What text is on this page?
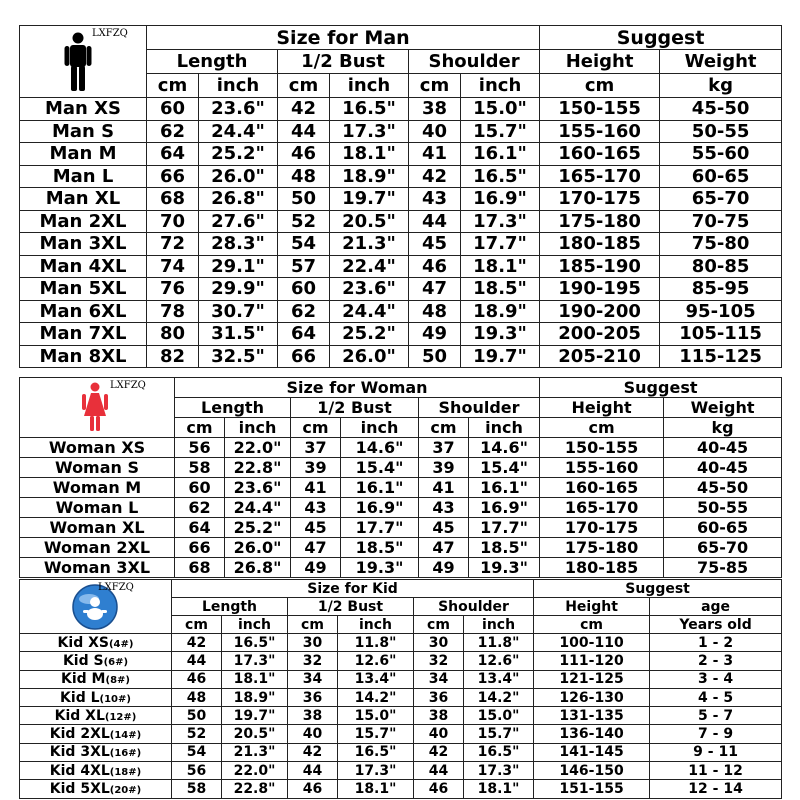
LXFZQ	Size for Man						Suggest	
	Length		1/2 Bust		Shoulder		Height	Weight
	cm	inch	cm	inch	cm	inch	cm	kg
Man XS	60	23.6"	42	16.5"	38	15.0"	150-155	45-50
Man S	62	24.4"	44	17.3"	40	15.7"	155-160	50-55
Man M	64	25.2"	46	18.1"	41	16.1"	160-165	55-60
Man L	66	26.0"	48	18.9"	42	16.5"	165-170	60-65
Man XL	68	26.8"	50	19.7"	43	16.9"	170-175	65-70
Man 2XL	70	27.6"	52	20.5"	44	17.3"	175-180	70-75
Man 3XL	72	28.3"	54	21.3"	45	17.7"	180-185	75-80
Man 4XL	74	29.1"	57	22.4"	46	18.1"	185-190	80-85
Man 5XL	76	29.9"	60	23.6"	47	18.5"	190-195	85-95
Man 6XL	78	30.7"	62	24.4"	48	18.9"	190-200	95-105
Man 7XL	80	31.5"	64	25.2"	49	19.3"	200-205	105-115
Man 8XL	82	32.5"	66	26.0"	50	19.7"	205-210	115-125
LXFZQ	Size for Woman						Suggest	
	Length		1/2 Bust		Shoulder		Height	Weight
	cm	inch	cm	inch	cm	inch	cm	kg
Woman XS	56	22.0"	37	14.6"	37	14.6"	150-155	40-45
Woman S	58	22.8"	39	15.4"	39	15.4"	155-160	40-45
Woman M	60	23.6"	41	16.1"	41	16.1"	160-165	45-50
Woman L	62	24.4"	43	16.9"	43	16.9"	165-170	50-55
Woman XL	64	25.2"	45	17.7"	45	17.7"	170-175	60-65
Woman 2XL	66	26.0"	47	18.5"	47	18.5"	175-180	65-70
Woman 3XL	68	26.8"	49	19.3"	49	19.3"	180-185	75-85
LXFZQ	Size for Kid						Suggest	
	Length		1/2 Bust		Shoulder		Height	age
	cm	inch	cm	inch	cm	inch	cm	Years old
Kid XS(4#)	42	16.5"	30	11.8"	30	11.8"	100-110	1 - 2
Kid S(6#)	44	17.3"	32	12.6"	32	12.6"	111-120	2 - 3
Kid M(8#)	46	18.1"	34	13.4"	34	13.4"	121-125	3 - 4
Kid L(10#)	48	18.9"	36	14.2"	36	14.2"	126-130	4 - 5
Kid XL(12#)	50	19.7"	38	15.0"	38	15.0"	131-135	5 - 7
Kid 2XL(14#)	52	20.5"	40	15.7"	40	15.7"	136-140	7 - 9
Kid 3XL(16#)	54	21.3"	42	16.5"	42	16.5"	141-145	9 - 11
Kid 4XL(18#)	56	22.0"	44	17.3"	44	17.3"	146-150	11 - 12
Kid 5XL(20#)	58	22.8"	46	18.1"	46	18.1"	151-155	12 - 14
